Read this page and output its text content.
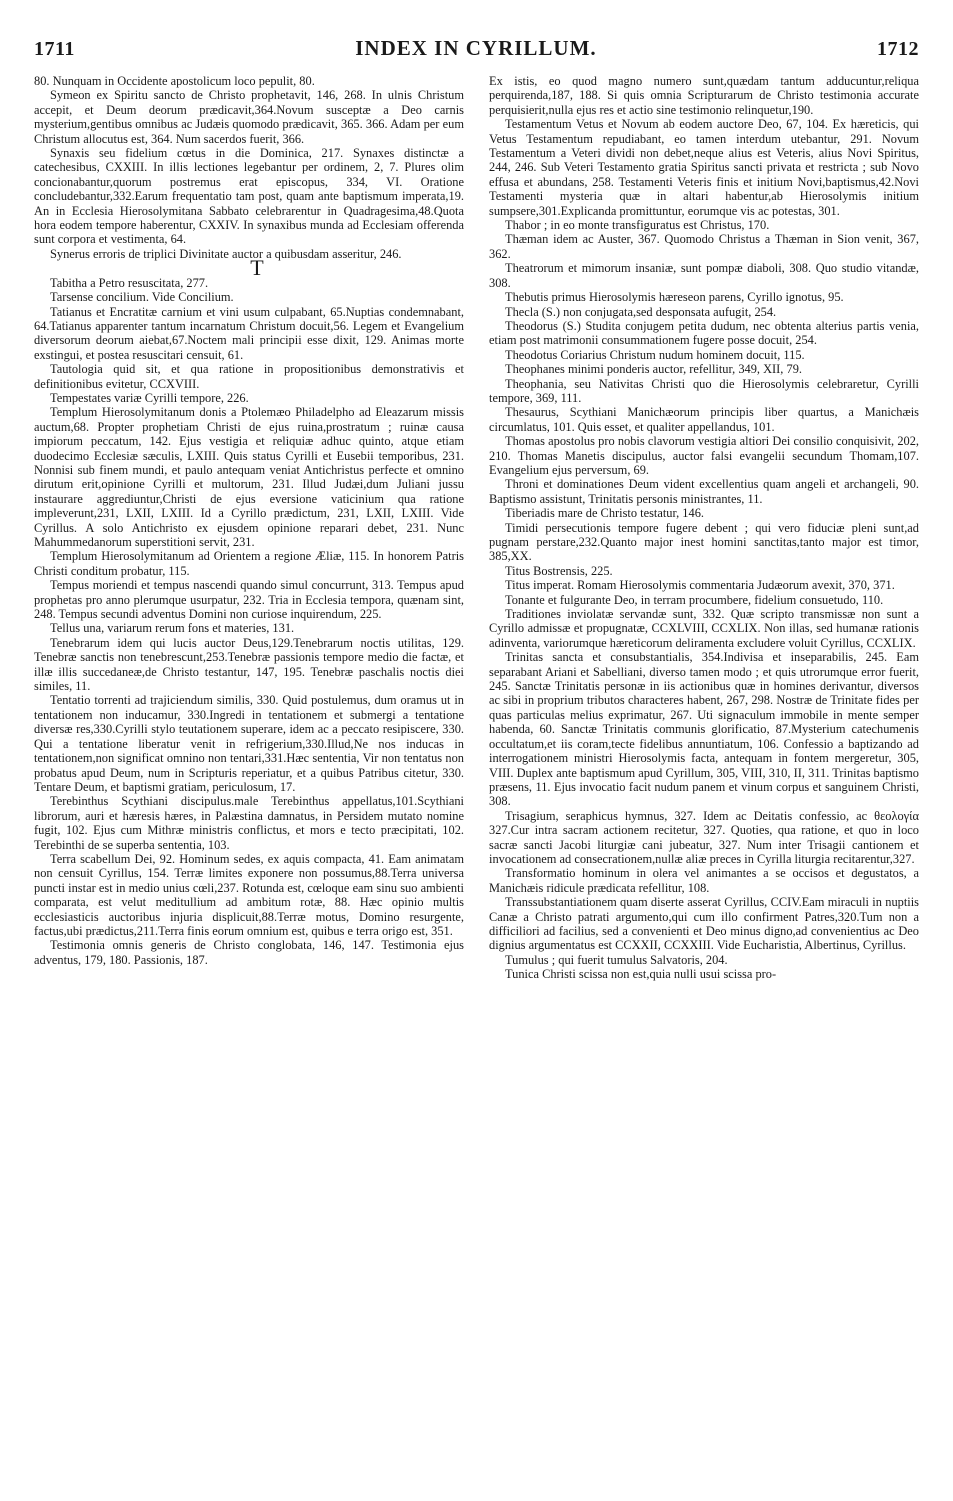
1711	INDEX IN CYRILLUM.	1712

80. Nunquam in Occidente apostolicum loco pepulit, 80.

Symeon ex Spiritu sancto de Christo prophetavit, 146, 268. In ulnis Christum accepit, et Deum deorum prædicavit,364.Novum susceptæ a Deo carnis mysterium,gentibus omnibus ac Judæis quomodo prædicavit, 365. 366. Adam per eum Christum allocutus est, 364. Num sacerdos fuerit, 366.

Synaxis seu fidelium cœtus in die Dominica, 217. Synaxes distinctæ a catechesibus, CXXIII. In illis lectiones legebantur per ordinem, 2, 7. Plures olim concionabantur,quorum postremus erat episcopus, 334, VI. Oratione concludebantur,332.Earum frequentatio tam post, quam ante baptismum imperata,19. An in Ecclesia Hierosolymitana Sabbato celebrarentur in Quadragesima,48.Quota hora eodem tempore haberentur, CXXIV. In synaxibus munda ad Ecclesiam offerenda sunt corpora et vestimenta, 64.

Synerus erroris de triplici Divinitate auctor a quibusdam asseritur, 246.

T

Tabitha a Petro resuscitata, 277.

Tarsense concilium. Vide Concilium.

Tatianus et Encratitæ carnium et vini usum culpabant, 65.Nuptias condemnabant, 64.Tatianus apparenter tantum incarnatum Christum docuit,56. Legem et Evangelium diversorum deorum aiebat,67.Noctem mali principii esse dixit, 129. Animas morte exstingui, et postea resuscitari censuit, 61.

Tautologia quid sit, et qua ratione in propositionibus demonstrativis et definitionibus evitetur, CCXVIII.

Tempestates variæ Cyrilli tempore, 226.

Templum Hierosolymitanum donis a Ptolemæo Philadelpho ad Eleazarum missis auctum,68. Propter prophetiam Christi de ejus ruina,prostratum ; ruinæ causa impiorum peccatum, 142. Ejus vestigia et reliquiæ adhuc quinto, atque etiam duodecimo Ecclesiæ sæculis, LXIII. Quis status Cyrilli et Eusebii temporibus, 231. Nonnisi sub finem mundi, et paulo antequam veniat Antichristus perfecte et omnino dirutum erit,opinione Cyrilli et multorum, 231. Illud Judæi,dum Juliani jussu instaurare aggrediuntur,Christi de ejus eversione vaticinium qua ratione impleverunt,231, LXII, LXIII. Id a Cyrillo prædictum, 231, LXII, LXIII. Vide Cyrillus. A solo Antichristo ex ejusdem opinione reparari debet, 231. Nunc Mahummedanorum superstitioni servit, 231.

Templum Hierosolymitanum ad Orientem a regione Æliæ, 115. In honorem Patris Christi conditum probatur, 115.

Tempus moriendi et tempus nascendi quando simul concurrunt, 313. Tempus apud prophetas pro anno plerumque usurpatur, 232. Tria in Ecclesia tempora, quænam sint, 248. Tempus secundi adventus Domini non curiose inquirendum, 225.

Tellus una, variarum rerum fons et materies, 131.

Tenebrarum idem qui lucis auctor Deus,129.Tenebrarum noctis utilitas, 129. Tenebræ sanctis non tenebrescunt,253.Tenebræ passionis tempore medio die factæ, et illæ illis succedaneæ,de Christo testantur, 147, 195. Tenebræ paschalis noctis diei similes, 11.

Tentatio torrenti ad trajiciendum similis, 330. Quid postulemus, dum oramus ut in tentationem non inducamur, 330.Ingredi in tentationem et submergi a tentatione diversæ res,330.Cyrilli stylo teutationem superare, idem ac a peccato resipiscere, 330. Qui a tentatione liberatur venit in refrigerium,330.Illud,Ne nos inducas in tentationem,non significat omnino non tentari,331.Hæc sententia, Vir non tentatus non probatus apud Deum, num in Scripturis reperiatur, et a quibus Patribus citetur, 330. Tentare Deum, et baptismi gratiam, periculosum, 17.

Terebinthus Scythiani discipulus.male Terebinthus appellatus,101.Scythiani librorum, auri et hæresis hæres, in Palæstina damnatus, in Persidem mutato nomine fugit, 102. Ejus cum Mithræ ministris conflictus, et mors e tecto præcipitati, 102. Terebinthi de se superba sententia, 103.

Terra scabellum Dei, 92. Hominum sedes, ex aquis compacta, 41. Eam animatam non censuit Cyrillus, 154. Terræ limites exponere non possumus,88.Terra universa puncti instar est in medio unius cœli,237. Rotunda est, cœloque eam sinu suo ambienti comparata, est velut meditullium ad ambitum rotæ, 88. Hæc opinio multis ecclesiasticis auctoribus injuria displicuit,88.Terræ motus, Domino resurgente, factus,ubi prædictus,211.Terra finis eorum omnium est, quibus e terra origo est, 351.

Testimonia omnis generis de Christo conglobata, 146, 147. Testimonia ejus adventus, 179, 180. Passionis, 187.

Ex istis, eo quod magno numero sunt,quædam tantum adducuntur,reliqua perquirenda,187, 188. Si quis omnia Scripturarum de Christo testimonia accurate perquisierit,nulla ejus res et actio sine testimonio relinquetur,190.

Testamentum Vetus et Novum ab eodem auctore Deo, 67, 104. Ex hæreticis, qui Vetus Testamentum repudiabant, eo tamen interdum utebantur, 291. Novum Testamentum a Veteri dividi non debet,neque alius est Veteris, alius Novi Spiritus, 244, 246. Sub Veteri Testamento gratia Spiritus sancti privata et restricta ; sub Novo effusa et abundans, 258. Testamenti Veteris finis et initium Novi,baptismus,42.Novi Testamenti mysteria quæ in altari habentur,ab Hierosolymis initium sumpsere,301.Explicanda promittuntur, eorumque vis ac potestas, 301.

Thabor ; in eo monte transfiguratus est Christus, 170.

Thæman idem ac Auster, 367. Quomodo Christus a Thæman in Sion venit, 367, 362.

Theatrorum et mimorum insaniæ, sunt pompæ diaboli, 308. Quo studio vitandæ, 308.

Thebutis primus Hierosolymis hæreseon parens, Cyrillo ignotus, 95.

Thecla (S.) non conjugata,sed desponsata aufugit, 254.

Theodorus (S.) Studita conjugem petita dudum, nec obtenta alterius partis venia, etiam post matrimonii consummationem fugere posse docuit, 254.

Theodotus Coriarius Christum nudum hominem docuit, 115.

Theophanes minimi ponderis auctor, refellitur, 349, XII, 79.

Theophania, seu Nativitas Christi quo die Hierosolymis celebraretur, Cyrilli tempore, 369, 111.

Thesaurus, Scythiani Manichæorum principis liber quartus, a Manichæis circumlatus, 101. Quis esset, et qualiter appellandus, 101.

Thomas apostolus pro nobis clavorum vestigia altiori Dei consilio conquisivit, 202, 210. Thomas Manetis discipulus, auctor falsi evangelii secundum Thomam,107. Evangelium ejus perversum, 69.

Throni et dominationes Deum vident excellentius quam angeli et archangeli, 90. Baptismo assistunt, Trinitatis personis ministrantes, 11.

Tiberiadis mare de Christo testatur, 146.

Timidi persecutionis tempore fugere debent ; qui vero fiduciæ pleni sunt,ad pugnam perstare,232.Quanto major inest homini sanctitas,tanto major est timor, 385,XX.

Titus Bostrensis, 225.

Titus imperat. Romam Hierosolymis commentaria Judæorum avexit, 370, 371.

Tonante et fulgurante Deo, in terram procumbere, fidelium consuetudo, 110.

Traditiones inviolatæ servandæ sunt, 332. Quæ scripto transmissæ non sunt a Cyrillo admissæ et propugnatæ, CCXLVIII, CCXLIX. Non illas, sed humanæ rationis adinventa, variorumque hæreticorum deliramenta excludere voluit Cyrillus, CCXLIX.

Trinitas sancta et consubstantialis, 354.Indivisa et inseparabilis, 245. Eam separabant Ariani et Sabelliani, diverso tamen modo ; et quis utrorumque error fuerit, 245. Sanctæ Trinitatis personæ in iis actionibus quæ in homines derivantur, diversos ac sibi in proprium tributos characteres habent, 267, 298. Nostræ de Trinitate fides per quas particulas melius exprimatur, 267. Uti signaculum immobile in mente semper habenda, 60. Sanctæ Trinitatis communis glorificatio, 87.Mysterium catechumenis occultatum,et iis coram,tecte fidelibus annuntiatum, 106. Confessio a baptizando ad interrogationem ministri Hierosolymis facta, antequam in fontem mergeretur, 305, VIII. Duplex ante baptismum apud Cyrillum, 305, VIII, 310, II, 311. Trinitas baptismo præsens, 11. Ejus invocatio facit nudum panem et vinum corpus et sanguinem Christi, 308.

Trisagium, seraphicus hymnus, 327. Idem ac Deitatis confessio, ac θεολογία 327.Cur intra sacram actionem recitetur, 327. Quoties, qua ratione, et quo in loco sacræ sancti Jacobi liturgiæ cani jubeatur, 327. Num inter Trisagii cantionem et invocationem ad consecrationem,nullæ aliæ preces in Cyrilla liturgia recitarentur,327.

Transformatio hominum in olera vel animantes a se occisos et degustatos, a Manichæis ridicule prædicata refellitur, 108.

Transsubstantiationem quam diserte asserat Cyrillus, CCIV.Eam miraculi in nuptiis Canæ a Christo patrati argumento,qui cum illo confirment Patres,320.Tum non a difficiliori ad facilius, sed a convenienti et Deo minus digno,ad convenientius ac Deo dignius argumentatus est CCXXII, CCXXIII. Vide Eucharistia, Albertinus, Cyrillus.

Tumulus ; qui fuerit tumulus Salvatoris, 204.

Tunica Christi scissa non est,quia nulli usui scissa pro-
